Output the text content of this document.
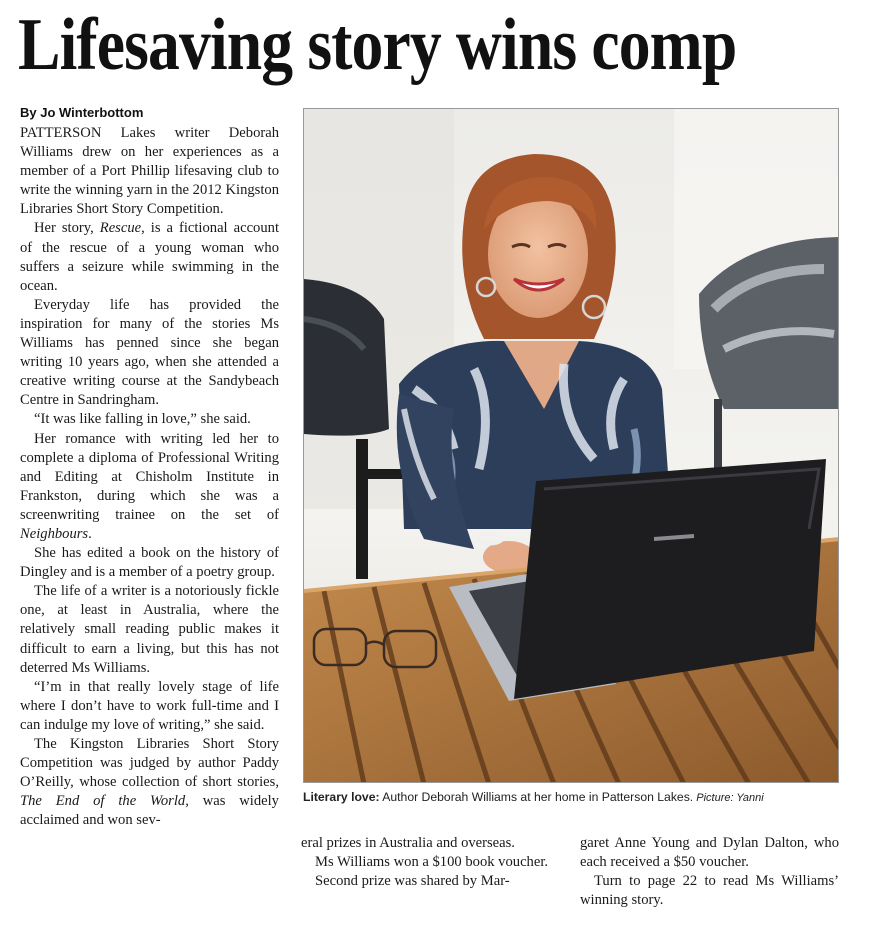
Lifesaving story wins comp
By Jo Winterbottom

PATTERSON Lakes writer Deborah Williams drew on her experiences as a member of a Port Phillip lifesaving club to write the winning yarn in the 2012 Kingston Libraries Short Story Competition.

Her story, Rescue, is a fictional account of the rescue of a young woman who suffers a seizure while swimming in the ocean.

Everyday life has provided the inspiration for many of the stories Ms Williams has penned since she began writing 10 years ago, when she attended a creative writing course at the Sandybeach Centre in Sandringham.

“It was like falling in love,” she said.

Her romance with writing led her to complete a diploma of Professional Writing and Editing at Chisholm Institute in Frankston, during which she was a screenwriting trainee on the set of Neighbours.

She has edited a book on the history of Dingley and is a member of a poetry group.

The life of a writer is a notoriously fickle one, at least in Australia, where the relatively small reading public makes it difficult to earn a living, but this has not deterred Ms Williams.

“I’m in that really lovely stage of life where I don’t have to work full-time and I can indulge my love of writing,” she said.

The Kingston Libraries Short Story Competition was judged by author Paddy O’Reilly, whose collection of short stories, The End of the World, was widely acclaimed and won sev-

eral prizes in Australia and overseas.

Ms Williams won a $100 book voucher.

Second prize was shared by Mar-

garet Anne Young and Dylan Dalton, who each received a $50 voucher.

Turn to page 22 to read Ms Williams’ winning story.

Literary love: Author Deborah Williams at her home in Patterson Lakes. Picture: Yanni
